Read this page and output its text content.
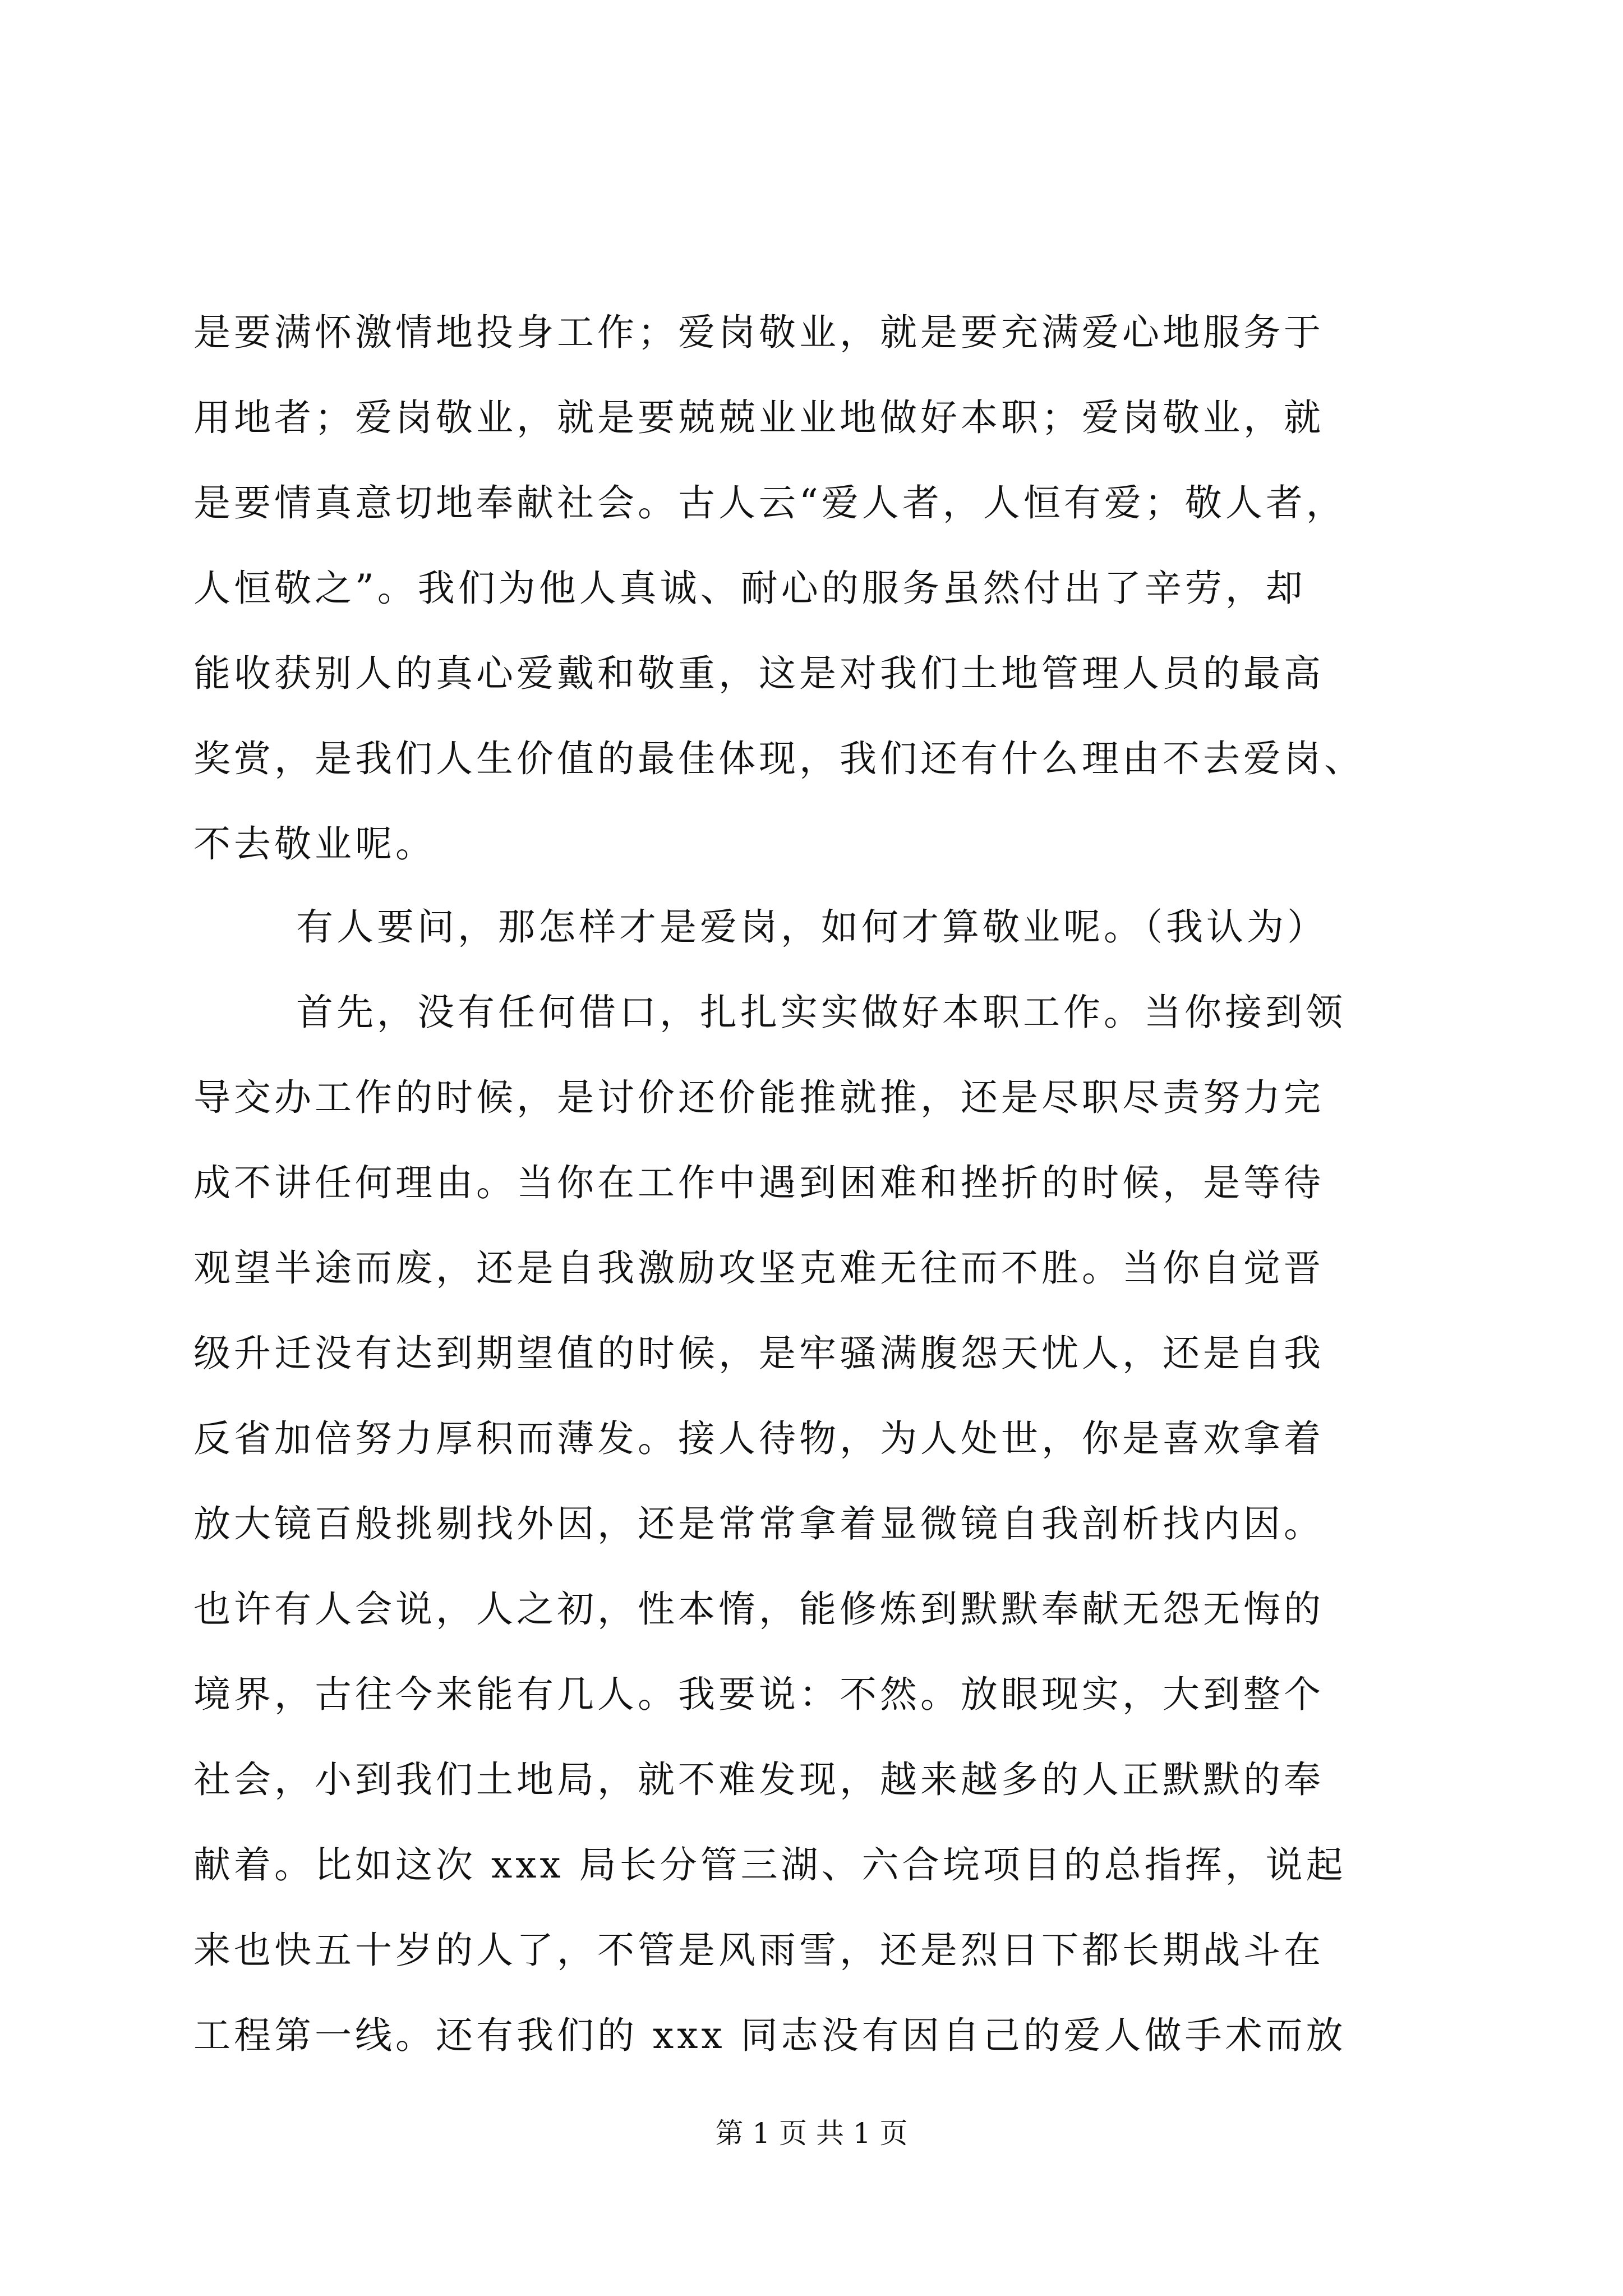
是要满怀激情地投身工作；爱岗敬业，就是要充满爱心地服务于
用地者；爱岗敬业，就是要兢兢业业地做好本职；爱岗敬业，就
是要情真意切地奉献社会。古人云“爱人者，人恒有爱；敬人者，
人恒敬之”。我们为他人真诚、耐心的服务虽然付出了辛劳，却
能收获别人的真心爱戴和敬重，这是对我们土地管理人员的最高
奖赏，是我们人生价值的最佳体现，我们还有什么理由不去爱岗、
不去敬业呢。
有人要问，那怎样才是爱岗，如何才算敬业呢。（我认为）
首先，没有任何借口，扎扎实实做好本职工作。当你接到领
导交办工作的时候，是讨价还价能推就推，还是尽职尽责努力完
成不讲任何理由。当你在工作中遇到困难和挫折的时候，是等待
观望半途而废，还是自我激励攻坚克难无往而不胜。当你自觉晋
级升迁没有达到期望值的时候，是牢骚满腹怨天忧人，还是自我
反省加倍努力厚积而薄发。接人待物，为人处世，你是喜欢拿着
放大镜百般挑剔找外因，还是常常拿着显微镜自我剖析找内因。
也许有人会说，人之初，性本惰，能修炼到默默奉献无怨无悔的
境界，古往今来能有几人。我要说：不然。放眼现实，大到整个
社会，小到我们土地局，就不难发现，越来越多的人正默默的奉
献着。比如这次 xxx 局长分管三湖、六合垸项目的总指挥，说起
来也快五十岁的人了，不管是风雨雪，还是烈日下都长期战斗在
工程第一线。还有我们的 xxx 同志没有因自己的爱人做手术而放
第 1 页 共 1 页
